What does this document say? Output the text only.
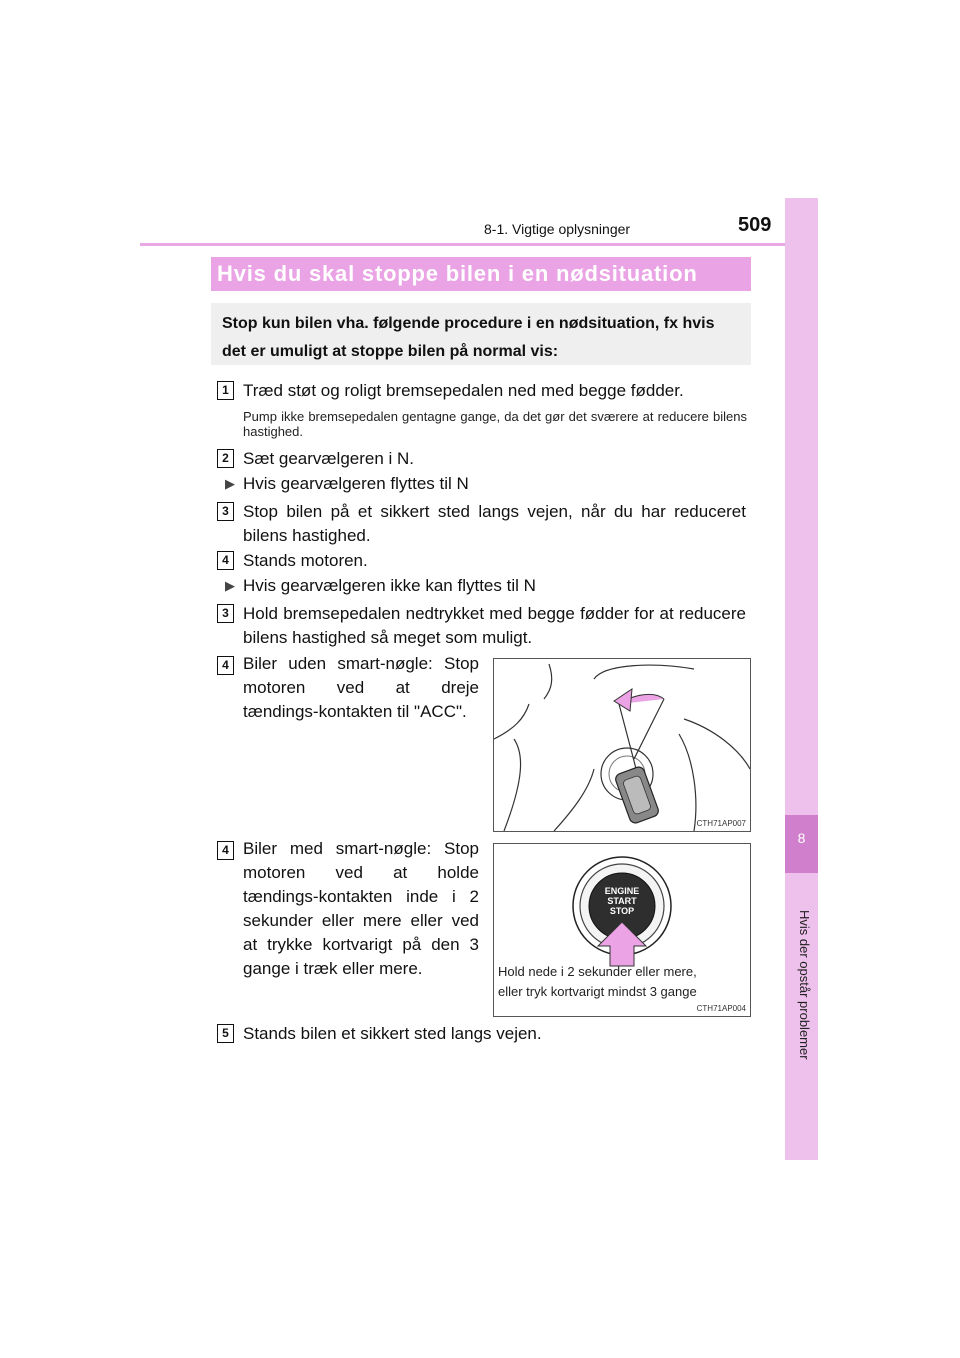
8-1. Vigtige oplysninger	509
8
Hvis der opstår problemer
Hvis du skal stoppe bilen i en nødsituation
Stop kun bilen vha. følgende procedure i en nødsituation, fx hvis det er umuligt at stoppe bilen på normal vis:
1 Træd støt og roligt bremsepedalen ned med begge fødder.
Pump ikke bremsepedalen gentagne gange, da det gør det sværere at reducere bilens hastighed.
2 Sæt gearvælgeren i N.
▶ Hvis gearvælgeren flyttes til N
3 Stop bilen på et sikkert sted langs vejen, når du har reduceret bilens hastighed.
4 Stands motoren.
▶ Hvis gearvælgeren ikke kan flyttes til N
3 Hold bremsepedalen nedtrykket med begge fødder for at reducere bilens hastighed så meget som muligt.
4 Biler uden smart-nøgle: Stop motoren ved at dreje tændings-kontakten til "ACC".
CTH71AP007
4 Biler med smart-nøgle: Stop motoren ved at holde tændings-kontakten inde i 2 sekunder eller mere eller ved at trykke kortvarigt på den 3 gange i træk eller mere.
ENGINE
START
STOP
Hold nede i 2 sekunder eller mere,
eller tryk kortvarigt mindst 3 gange
CTH71AP004
5 Stands bilen et sikkert sted langs vejen.
